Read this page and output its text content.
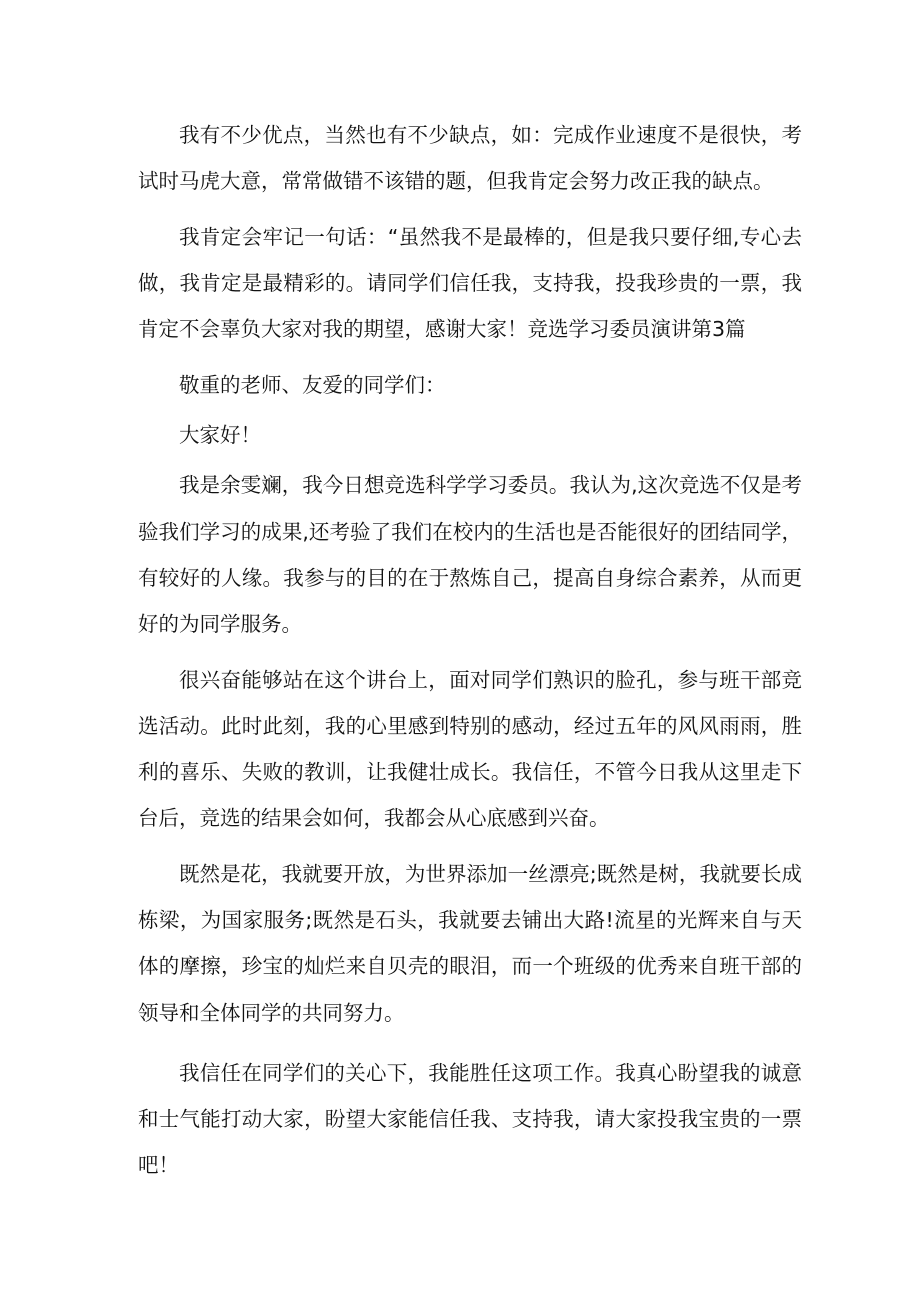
我有不少优点，当然也有不少缺点，如：完成作业速度不是很快，考试时马虎大意，常常做错不该错的题，但我肯定会努力改正我的缺点。

我肯定会牢记一句话：“虽然我不是最棒的，但是我只要仔细,专心去做，我肯定是最精彩的。请同学们信任我，支持我，投我珍贵的一票，我肯定不会辜负大家对我的期望，感谢大家！竞选学习委员演讲第3篇

敬重的老师、友爱的同学们：

大家好！

我是余雯斓，我今日想竞选科学学习委员。我认为,这次竞选不仅是考验我们学习的成果,还考验了我们在校内的生活也是否能很好的团结同学，有较好的人缘。我参与的目的在于熬炼自己，提高自身综合素养，从而更好的为同学服务。

很兴奋能够站在这个讲台上，面对同学们熟识的脸孔，参与班干部竞选活动。此时此刻，我的心里感到特别的感动，经过五年的风风雨雨，胜利的喜乐、失败的教训，让我健壮成长。我信任，不管今日我从这里走下台后，竞选的结果会如何，我都会从心底感到兴奋。

既然是花，我就要开放，为世界添加一丝漂亮;既然是树，我就要长成栋梁，为国家服务;既然是石头，我就要去铺出大路!流星的光辉来自与天体的摩擦，珍宝的灿烂来自贝壳的眼泪，而一个班级的优秀来自班干部的领导和全体同学的共同努力。

我信任在同学们的关心下，我能胜任这项工作。我真心盼望我的诚意和士气能打动大家，盼望大家能信任我、支持我，请大家投我宝贵的一票吧！
